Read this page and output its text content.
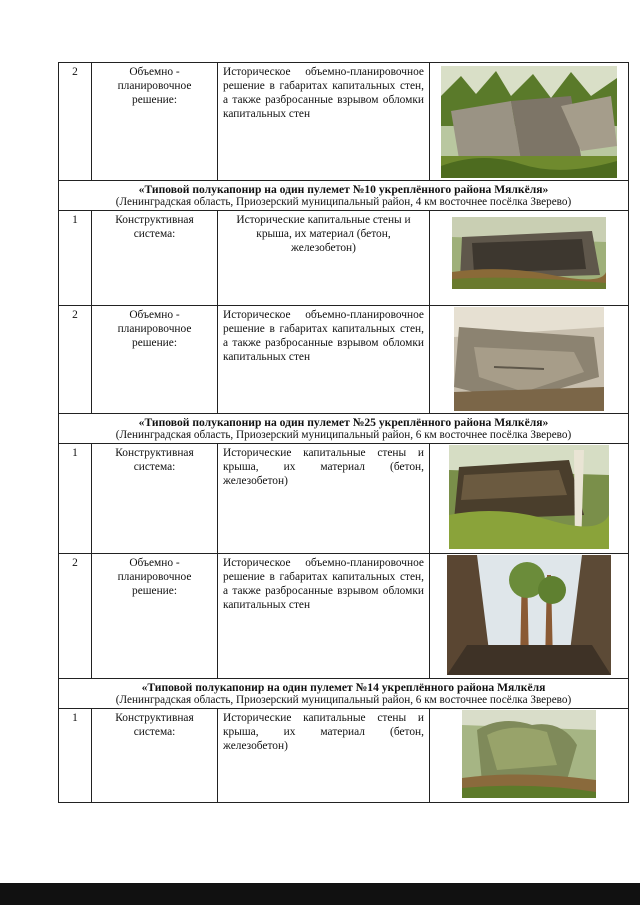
2	Объемно - планировочное решение:	Историческое объемно-планировочное решение в габаритах капитальных стен, а также разбросанные взрывом обломки капитальных стен	

«Типовой полукапонир на один пулемет №10 укреплённого района Мялкёля»
(Ленинградская область, Приозерский муниципальный район, 4 км восточнее посёлка Зверево)			

1	Конструктивная система:	Исторические капитальные стены и крыша, их материал (бетон, железобетон)	

2	Объемно - планировочное решение:	Историческое объемно-планировочное решение в габаритах капитальных стен, а также разбросанные взрывом обломки капитальных стен	

«Типовой полукапонир на один пулемет №25 укреплённого района Мялкёля»
(Ленинградская область, Приозерский муниципальный район, 6 км восточнее посёлка Зверево)			

1	Конструктивная система:	Исторические капитальные стены и крыша, их материал (бетон, железобетон)	

2	Объемно - планировочное решение:	Историческое объемно-планировочное решение в габаритах капитальных стен, а также разбросанные взрывом обломки капитальных стен	

«Типовой полукапонир на один пулемет №14 укреплённого района Мялкёля
(Ленинградская область, Приозерский муниципальный район, 6 км восточнее посёлка Зверево)			

1	Конструктивная система:	Исторические капитальные стены и крыша, их материал (бетон, железобетон)	
